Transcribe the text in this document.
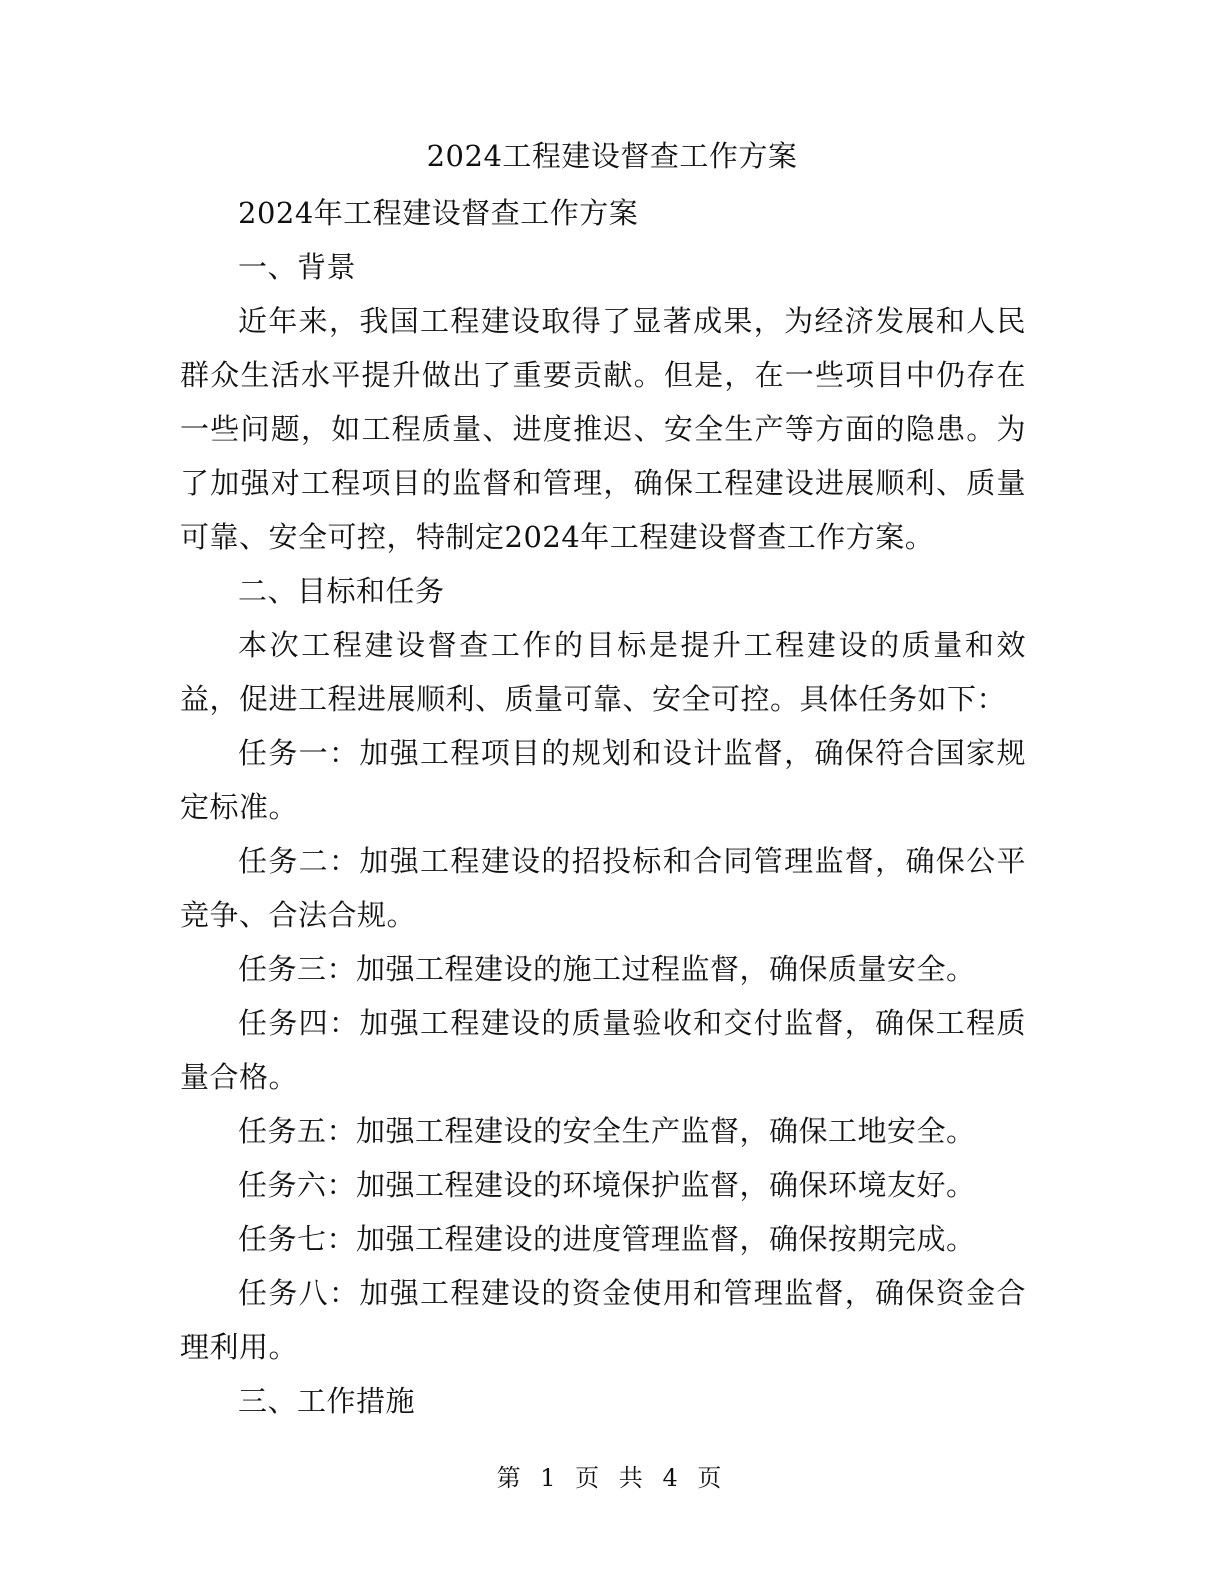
2024工程建设督查工作方案

2024年工程建设督查工作方案

一、背景

近年来，我国工程建设取得了显著成果，为经济发展和人民群众生活水平提升做出了重要贡献。但是，在一些项目中仍存在一些问题，如工程质量、进度推迟、安全生产等方面的隐患。为了加强对工程项目的监督和管理，确保工程建设进展顺利、质量可靠、安全可控，特制定2024年工程建设督查工作方案。

二、目标和任务

本次工程建设督查工作的目标是提升工程建设的质量和效益，促进工程进展顺利、质量可靠、安全可控。具体任务如下：

任务一：加强工程项目的规划和设计监督，确保符合国家规定标准。

任务二：加强工程建设的招投标和合同管理监督，确保公平竞争、合法合规。

任务三：加强工程建设的施工过程监督，确保质量安全。

任务四：加强工程建设的质量验收和交付监督，确保工程质量合格。

任务五：加强工程建设的安全生产监督，确保工地安全。

任务六：加强工程建设的环境保护监督，确保环境友好。

任务七：加强工程建设的进度管理监督，确保按期完成。

任务八：加强工程建设的资金使用和管理监督，确保资金合理利用。

三、工作措施

第 1 页 共 4 页
